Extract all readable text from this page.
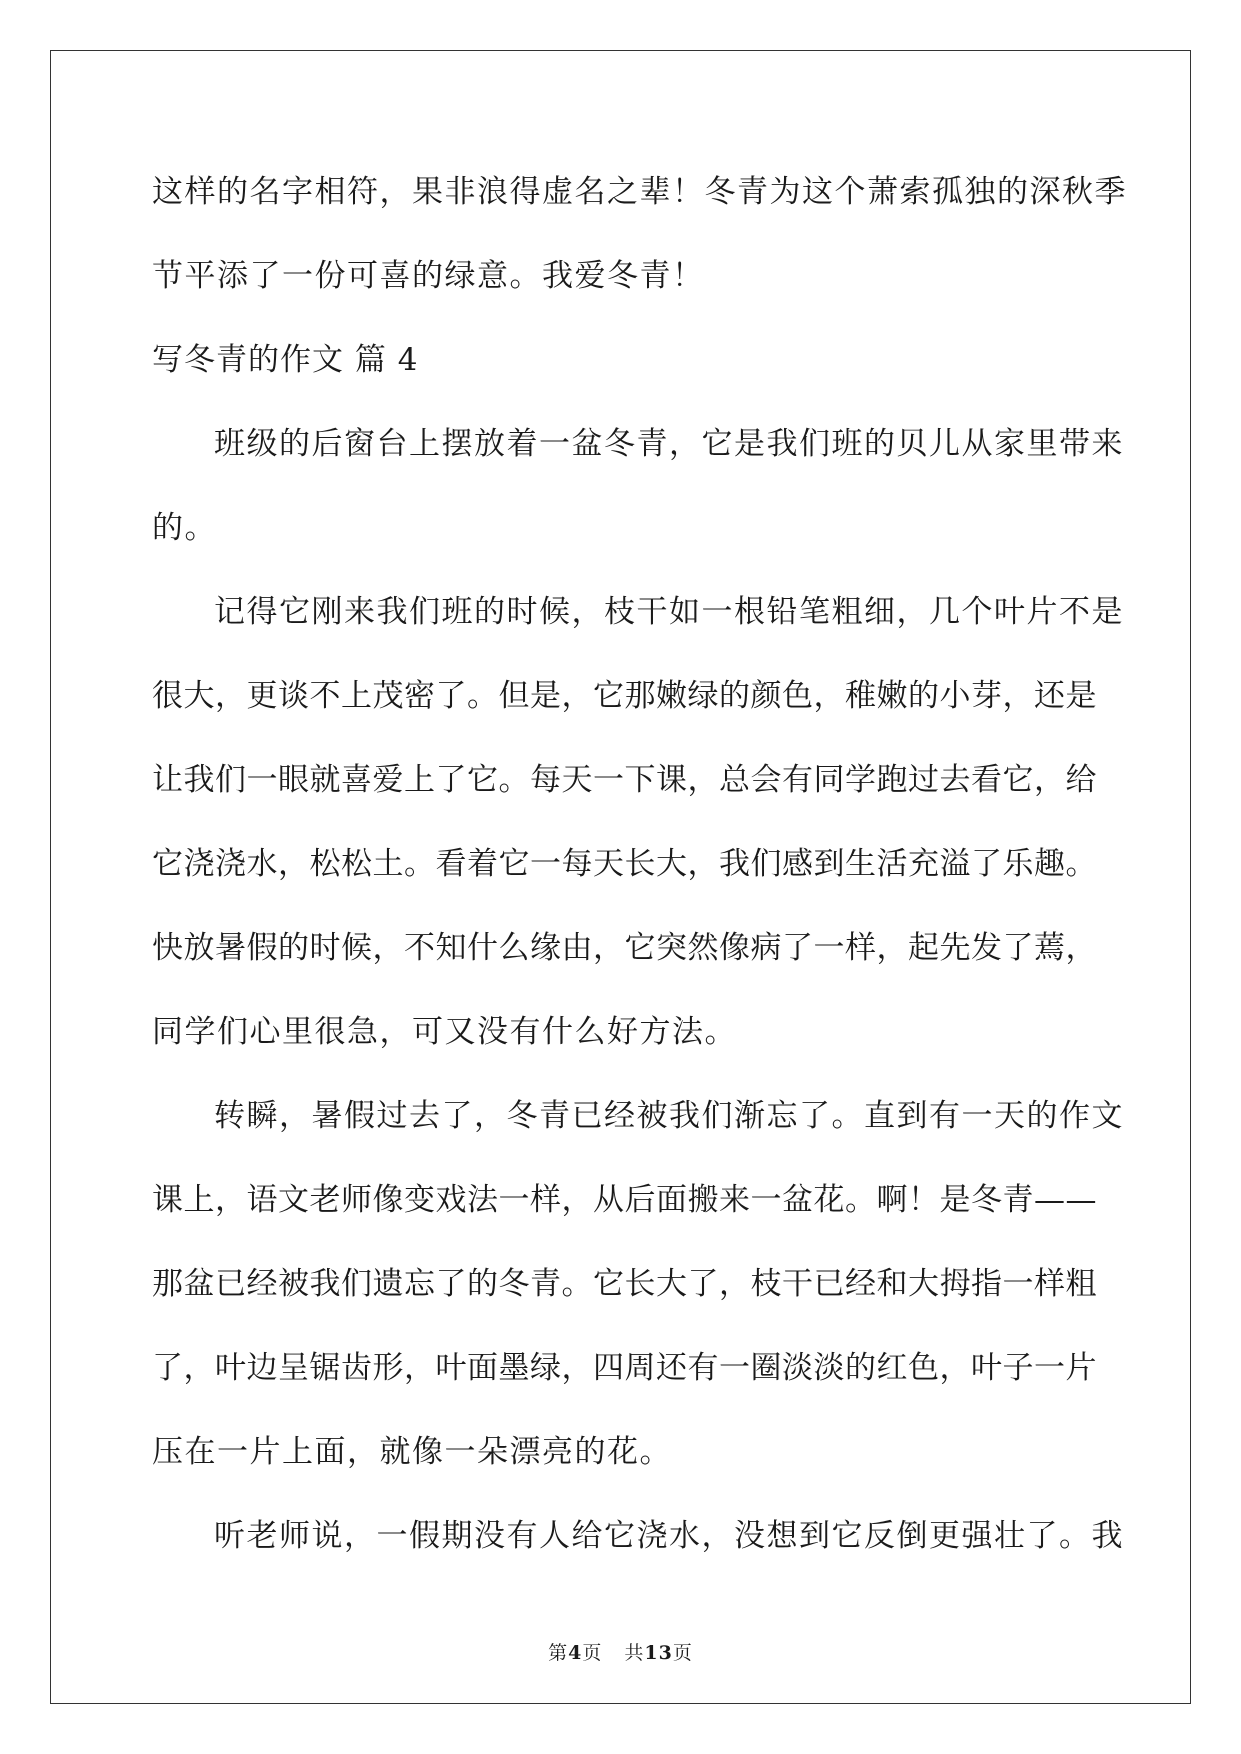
这样的名字相符，果非浪得虚名之辈！冬青为这个萧索孤独的深秋季
节平添了一份可喜的绿意。我爱冬青！
写冬青的作文 篇 4
班级的后窗台上摆放着一盆冬青，它是我们班的贝儿从家里带来
的。
记得它刚来我们班的时候，枝干如一根铅笔粗细，几个叶片不是
很大，更谈不上茂密了。但是，它那嫩绿的颜色，稚嫩的小芽，还是
让我们一眼就喜爱上了它。每天一下课，总会有同学跑过去看它，给
它浇浇水，松松土。看着它一每天长大，我们感到生活充溢了乐趣。
快放暑假的时候，不知什么缘由，它突然像病了一样，起先发了蔫，
同学们心里很急，可又没有什么好方法。
转瞬，暑假过去了，冬青已经被我们渐忘了。直到有一天的作文
课上，语文老师像变戏法一样，从后面搬来一盆花。啊！是冬青——
那盆已经被我们遗忘了的冬青。它长大了，枝干已经和大拇指一样粗
了，叶边呈锯齿形，叶面墨绿，四周还有一圈淡淡的红色，叶子一片
压在一片上面，就像一朵漂亮的花。
听老师说，一假期没有人给它浇水，没想到它反倒更强壮了。我
第4页 共13页
